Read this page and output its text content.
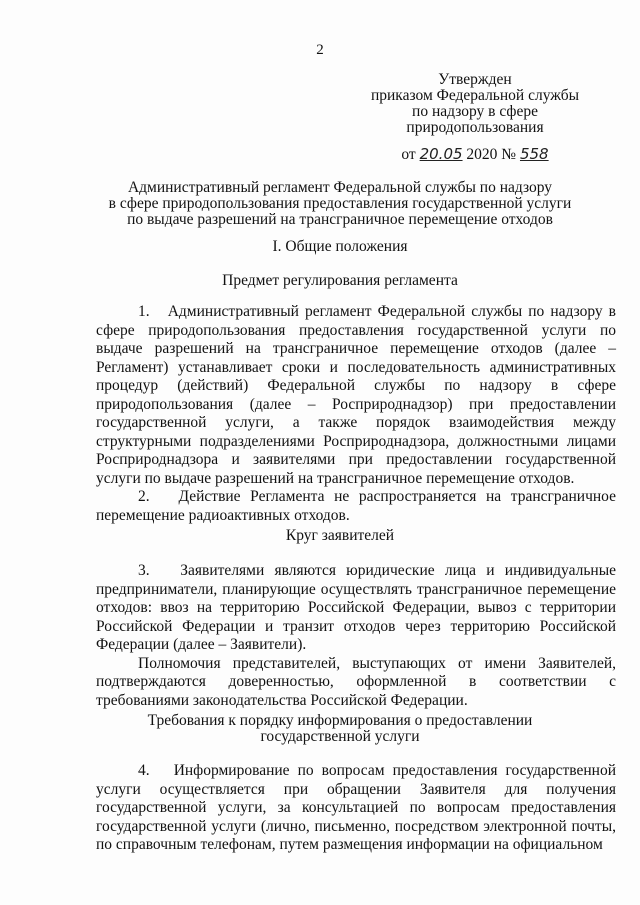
2
Утвержден
приказом Федеральной службы
по надзору в сфере
природопользования
от 20.05 2020 № 558
Административный регламент Федеральной службы по надзору
в сфере природопользования предоставления государственной услуги
по выдаче разрешений на трансграничное перемещение отходов
I. Общие положения
Предмет регулирования регламента

1.   Административный регламент Федеральной службы по надзору в сфере природопользования предоставления государственной услуги по выдаче разрешений на трансграничное перемещение отходов (далее – Регламент) устанавливает сроки и последовательность административных процедур (действий) Федеральной службы по надзору в сфере природопользования (далее – Росприроднадзор) при предоставлении государственной услуги, а также порядок взаимодействия между структурными подразделениями Росприроднадзора, должностными лицами Росприроднадзора и заявителями при предоставлении государственной услуги по выдаче разрешений на трансграничное перемещение отходов.

2.   Действие Регламента не распространяется на трансграничное перемещение радиоактивных отходов.

Круг заявителей

3.   Заявителями являются юридические лица и индивидуальные предприниматели, планирующие осуществлять трансграничное перемещение отходов: ввоз на территорию Российской Федерации, вывоз с территории Российской Федерации и транзит отходов через территорию Российской Федерации (далее – Заявители).

Полномочия представителей, выступающих от имени Заявителей, подтверждаются доверенностью, оформленной в соответствии с требованиями законодательства Российской Федерации.

Требования к порядку информирования о предоставлении
государственной услуги

4.   Информирование по вопросам предоставления государственной услуги осуществляется при обращении Заявителя для получения государственной услуги, за консультацией по вопросам предоставления государственной услуги (лично, письменно, посредством электронной почты, по справочным телефонам, путем размещения информации на официальном
